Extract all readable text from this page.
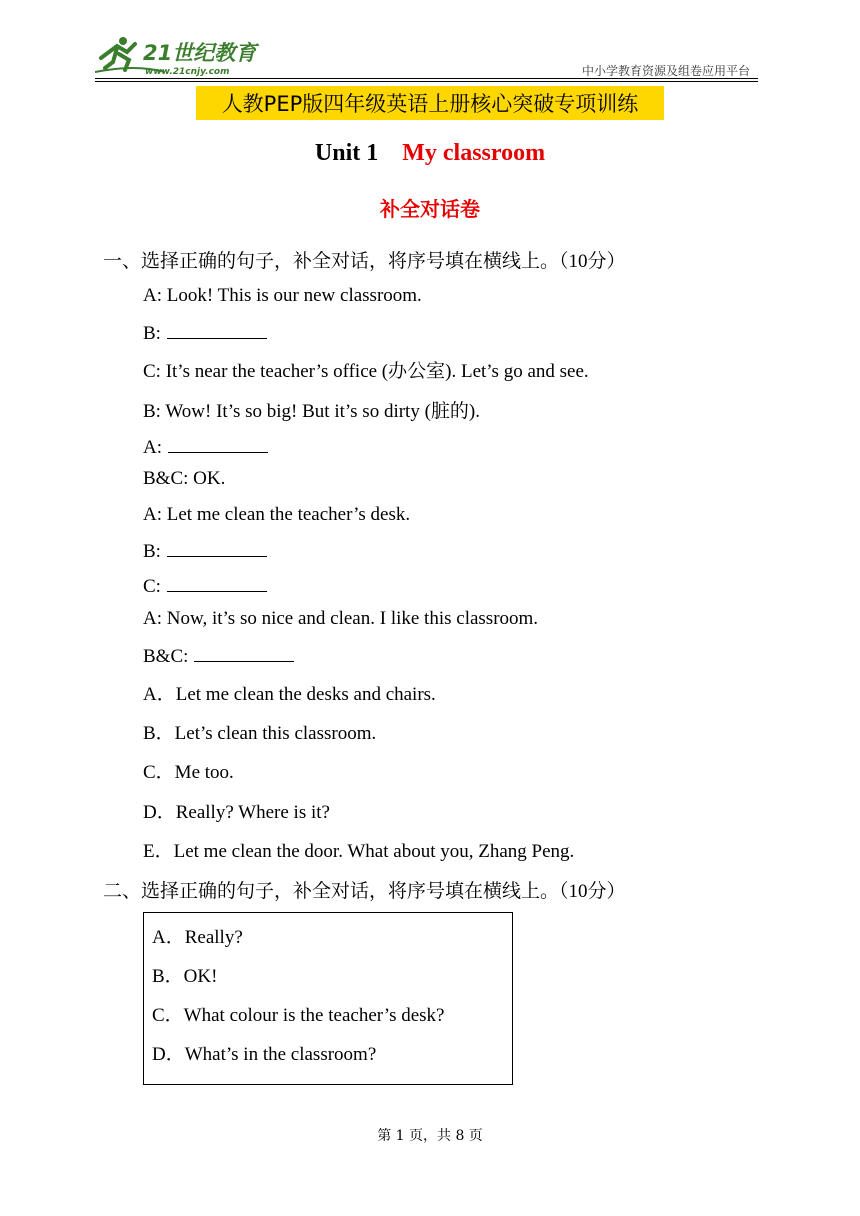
21世纪教育
www.21cnjy.com	中小学教育资源及组卷应用平台
人教PEP版四年级英语上册核心突破专项训练
Unit 1 My classroom
补全对话卷
一、选择正确的句子，补全对话，将序号填在横线上。（10分）
A: Look! This is our new classroom.
B:
C: It’s near the teacher’s office (办公室). Let’s go and see.
B: Wow! It’s so big! But it’s so dirty (脏的).
A:
B&C: OK.
A: Let me clean the teacher’s desk.
B:
C:
A: Now, it’s so nice and clean. I like this classroom.
B&C:
A．Let me clean the desks and chairs.
B．Let’s clean this classroom.
C．Me too.
D．Really? Where is it?
E．Let me clean the door. What about you, Zhang Peng.
二、选择正确的句子，补全对话，将序号填在横线上。（10分）
A．Really?
B．OK!
C．What colour is the teacher’s desk?
D．What’s in the classroom?
第 1 页，共 8 页
